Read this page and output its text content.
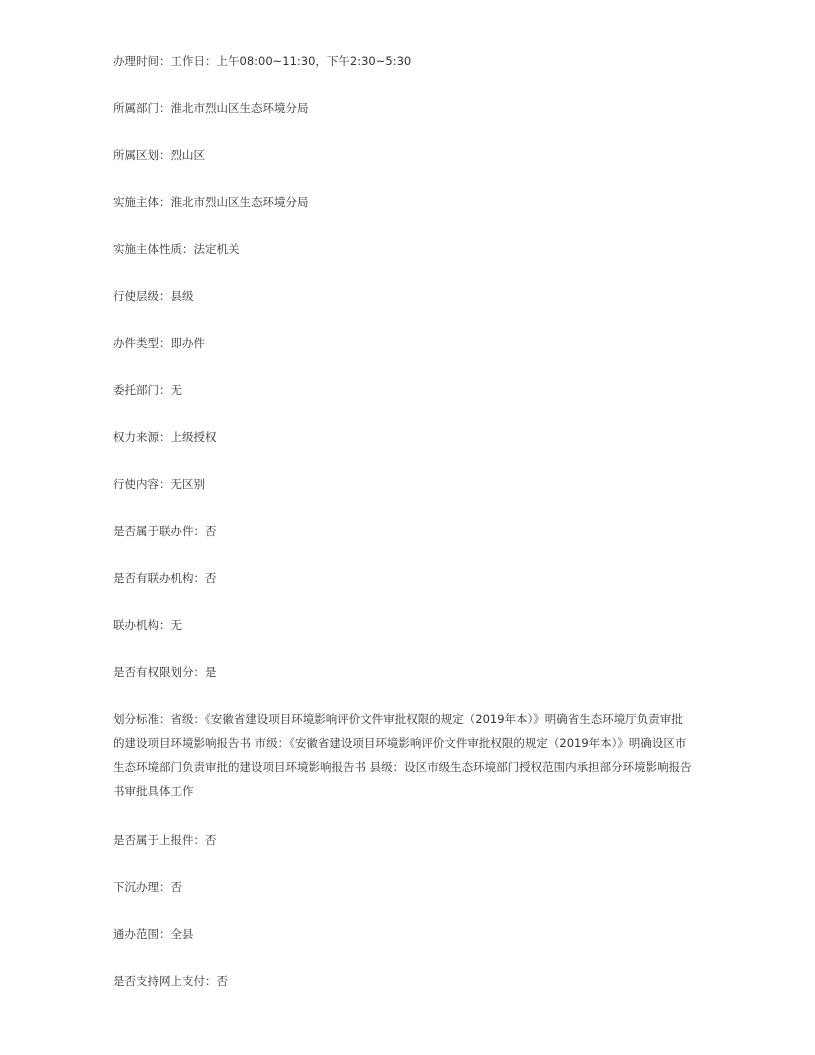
办理时间：工作日：上午08:00~11:30，下午2:30~5:30
所属部门：淮北市烈山区生态环境分局
所属区划：烈山区
实施主体：淮北市烈山区生态环境分局
实施主体性质：法定机关
行使层级：县级
办件类型：即办件
委托部门：无
权力来源：上级授权
行使内容：无区别
是否属于联办件：否
是否有联办机构：否
联办机构：无
是否有权限划分：是
划分标准：省级：《安徽省建设项目环境影响评价文件审批权限的规定（2019年本）》明确省生态环境厅负责审批的建设项目环境影响报告书 市级：《安徽省建设项目环境影响评价文件审批权限的规定（2019年本）》明确设区市生态环境部门负责审批的建设项目环境影响报告书 县级：设区市级生态环境部门授权范围内承担部分环境影响报告书审批具体工作
是否属于上报件：否
下沉办理：否
通办范围：全县
是否支持网上支付：否
